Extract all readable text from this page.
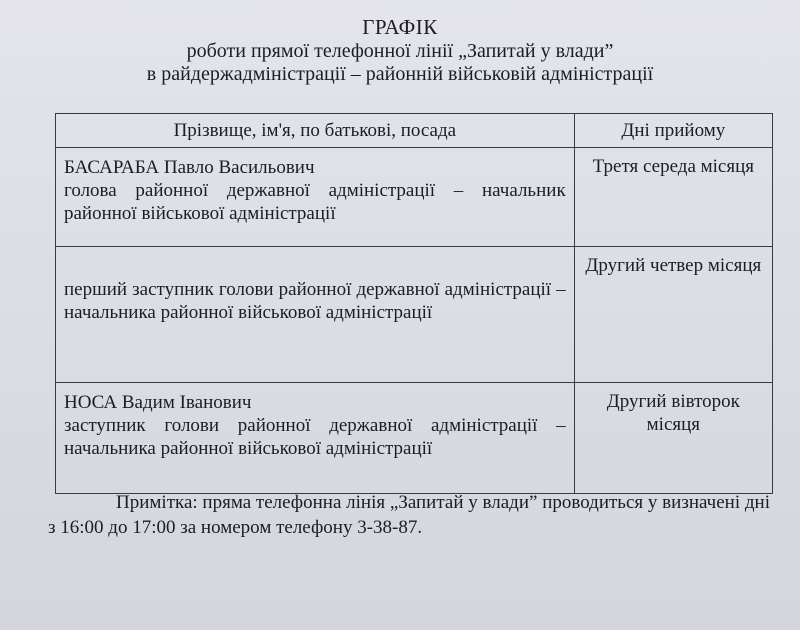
ГРАФІК
роботи прямої телефонної лінії „Запитай у влади”
в райдержадміністрації – районній військовій адміністрації
Прізвище, ім'я, по батькові, посада	Дні прийому

БАСАРАБА Павло Васильович
голова районної державної адміністрації – начальник районної військової адміністрації	Третя середа місяця

перший заступник голови районної державної адміністрації – начальника районної військової адміністрації	Другий четвер місяця

НОСА Вадим Іванович
заступник голови районної державної адміністрації – начальника районної військової адміністрації	Другий вівторок місяця
Примітка: пряма телефонна лінія „Запитай у влади” проводиться у визначені дні з 16:00 до 17:00 за номером телефону 3-38-87.
